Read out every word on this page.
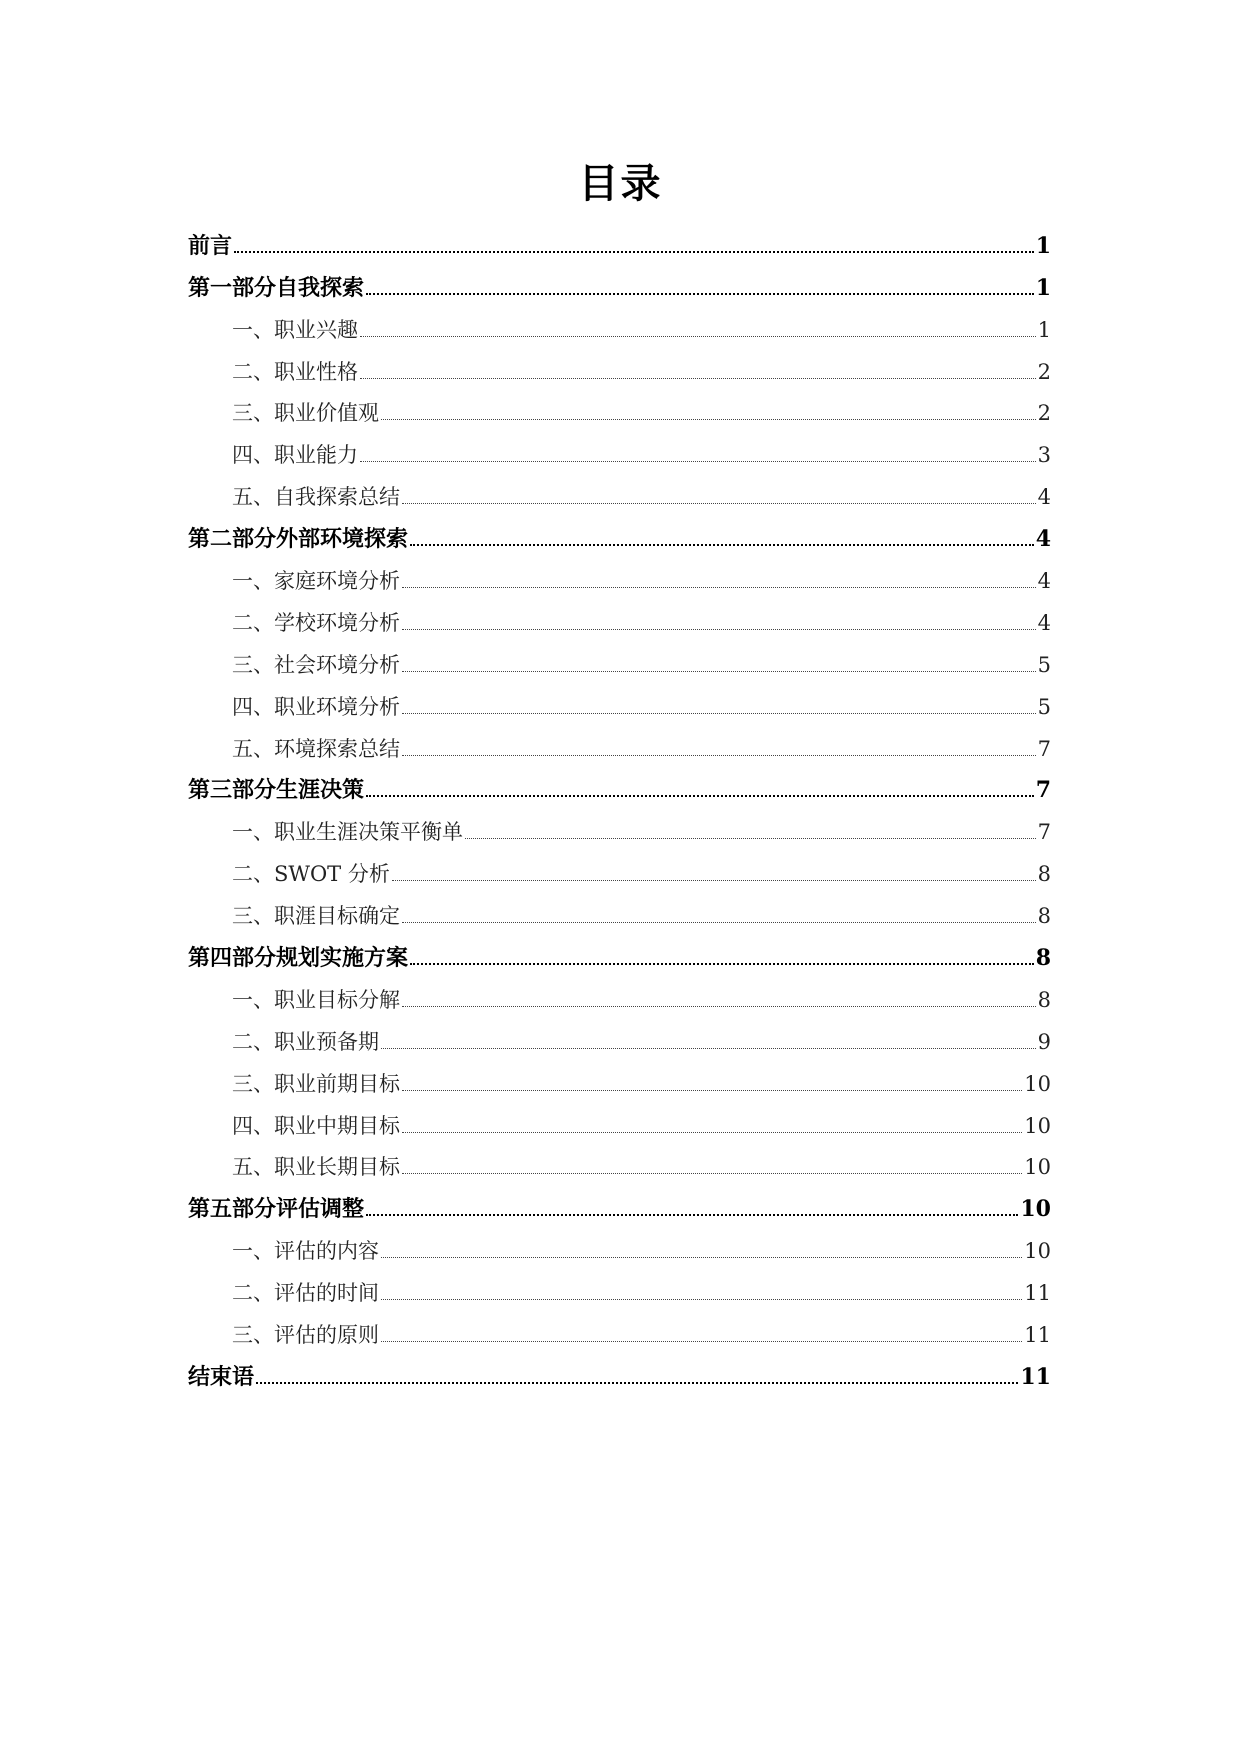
目录
前言	1
第一部分自我探索	1
一、职业兴趣	1
二、职业性格	2
三、职业价值观	2
四、职业能力	3
五、自我探索总结	4
第二部分外部环境探索	4
一、家庭环境分析	4
二、学校环境分析	4
三、社会环境分析	5
四、职业环境分析	5
五、环境探索总结	7
第三部分生涯决策	7
一、职业生涯决策平衡单	7
二、SWOT 分析	8
三、职涯目标确定	8
第四部分规划实施方案	8
一、职业目标分解	8
二、职业预备期	9
三、职业前期目标	10
四、职业中期目标	10
五、职业长期目标	10
第五部分评估调整	10
一、评估的内容	10
二、评估的时间	11
三、评估的原则	11
结束语	11
